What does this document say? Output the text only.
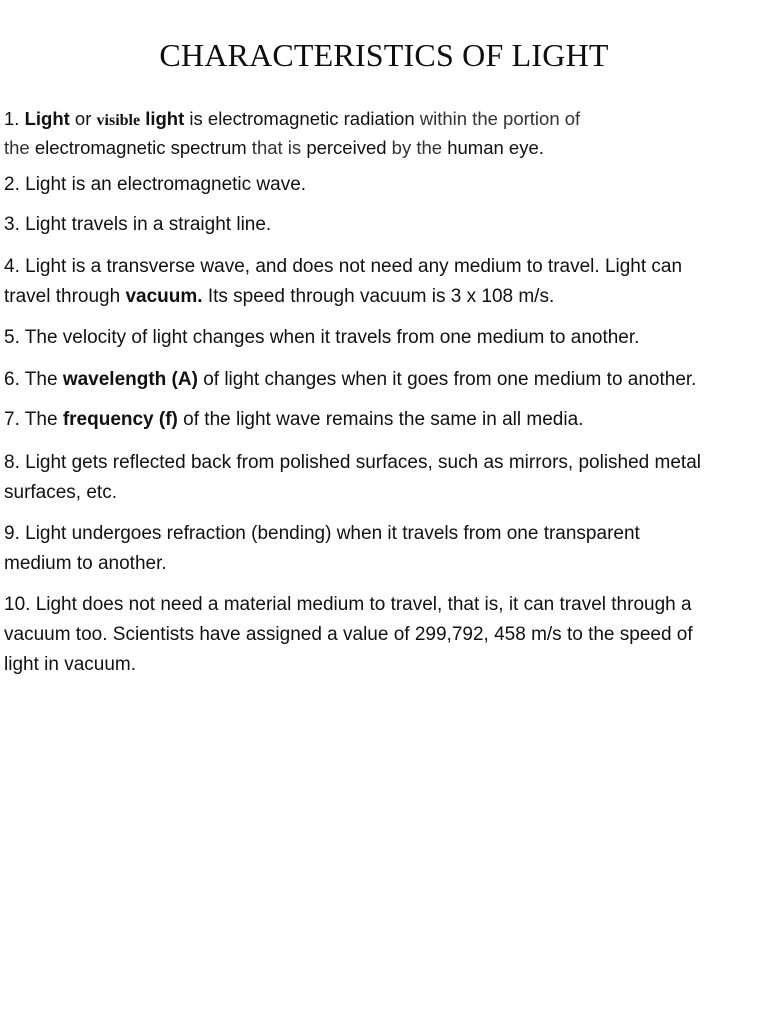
CHARACTERISTICS OF LIGHT

1. Light or visible light is electromagnetic radiation within the portion of
the electromagnetic spectrum that is perceived by the human eye.

2. Light is an electromagnetic wave.

3. Light travels in a straight line.

4. Light is a transverse wave, and does not need any medium to travel. Light can
travel through vacuum. Its speed through vacuum is 3 x 108 m/s.

5. The velocity of light changes when it travels from one medium to another.

6. The wavelength (A) of light changes when it goes from one medium to another.

7. The frequency (f) of the light wave remains the same in all media.

8. Light gets reflected back from polished surfaces, such as mirrors, polished metal
surfaces, etc.

9. Light undergoes refraction (bending) when it travels from one transparent
medium to another.

10. Light does not need a material medium to travel, that is, it can travel through a
vacuum too. Scientists have assigned a value of 299,792, 458 m/s to the speed of
light in vacuum.
